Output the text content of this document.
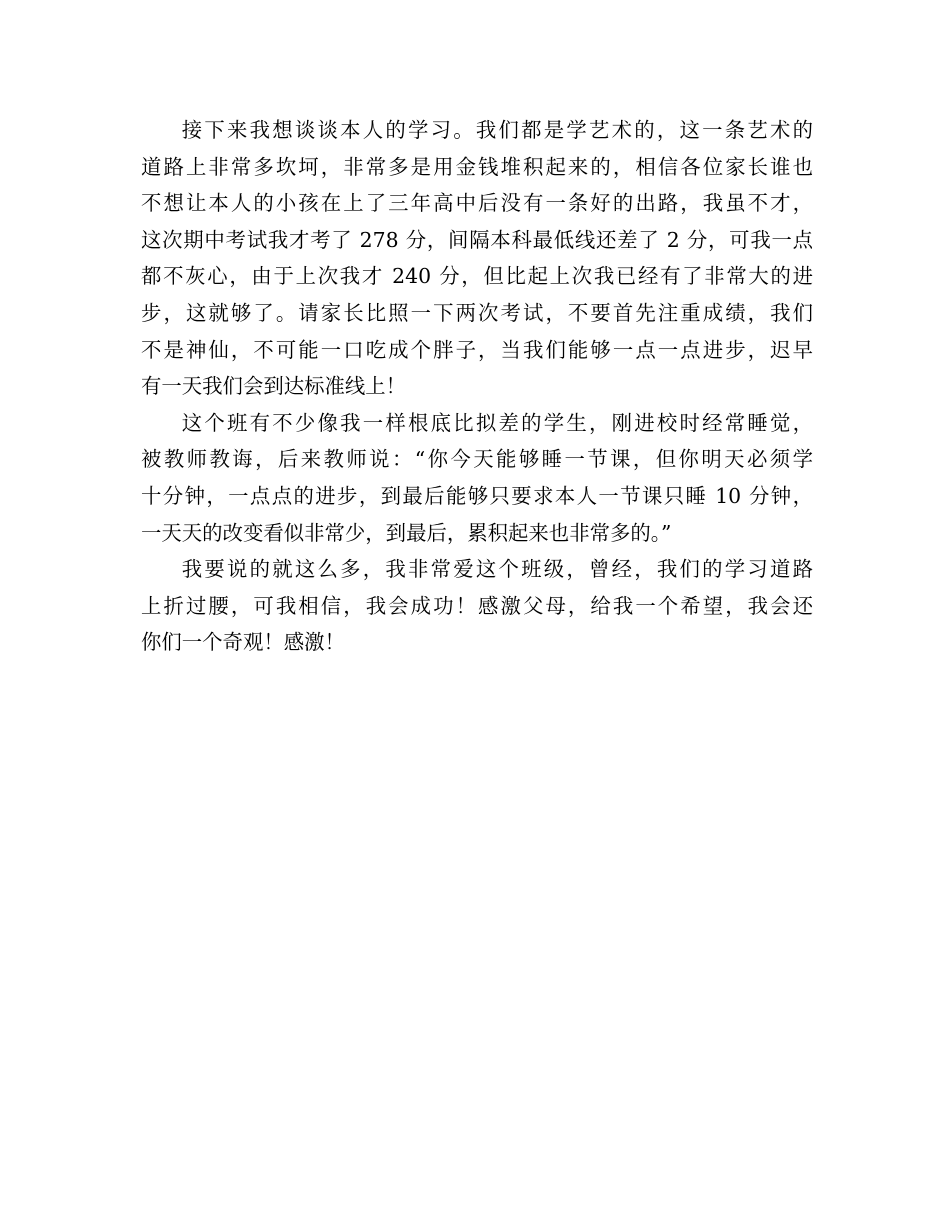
接下来我想谈谈本人的学习。我们都是学艺术的，这一条艺术的
道路上非常多坎坷，非常多是用金钱堆积起来的，相信各位家长谁也
不想让本人的小孩在上了三年高中后没有一条好的出路，我虽不才，
这次期中考试我才考了 278 分，间隔本科最低线还差了 2 分，可我一点
都不灰心，由于上次我才 240 分，但比起上次我已经有了非常大的进
步，这就够了。请家长比照一下两次考试，不要首先注重成绩，我们
不是神仙，不可能一口吃成个胖子，当我们能够一点一点进步，迟早
有一天我们会到达标准线上！

这个班有不少像我一样根底比拟差的学生，刚进校时经常睡觉，
被教师教诲，后来教师说：“你今天能够睡一节课，但你明天必须学
十分钟，一点点的进步，到最后能够只要求本人一节课只睡 10 分钟，
一天天的改变看似非常少，到最后，累积起来也非常多的。”

我要说的就这么多，我非常爱这个班级，曾经，我们的学习道路
上折过腰，可我相信，我会成功！感激父母，给我一个希望，我会还
你们一个奇观！感激！
